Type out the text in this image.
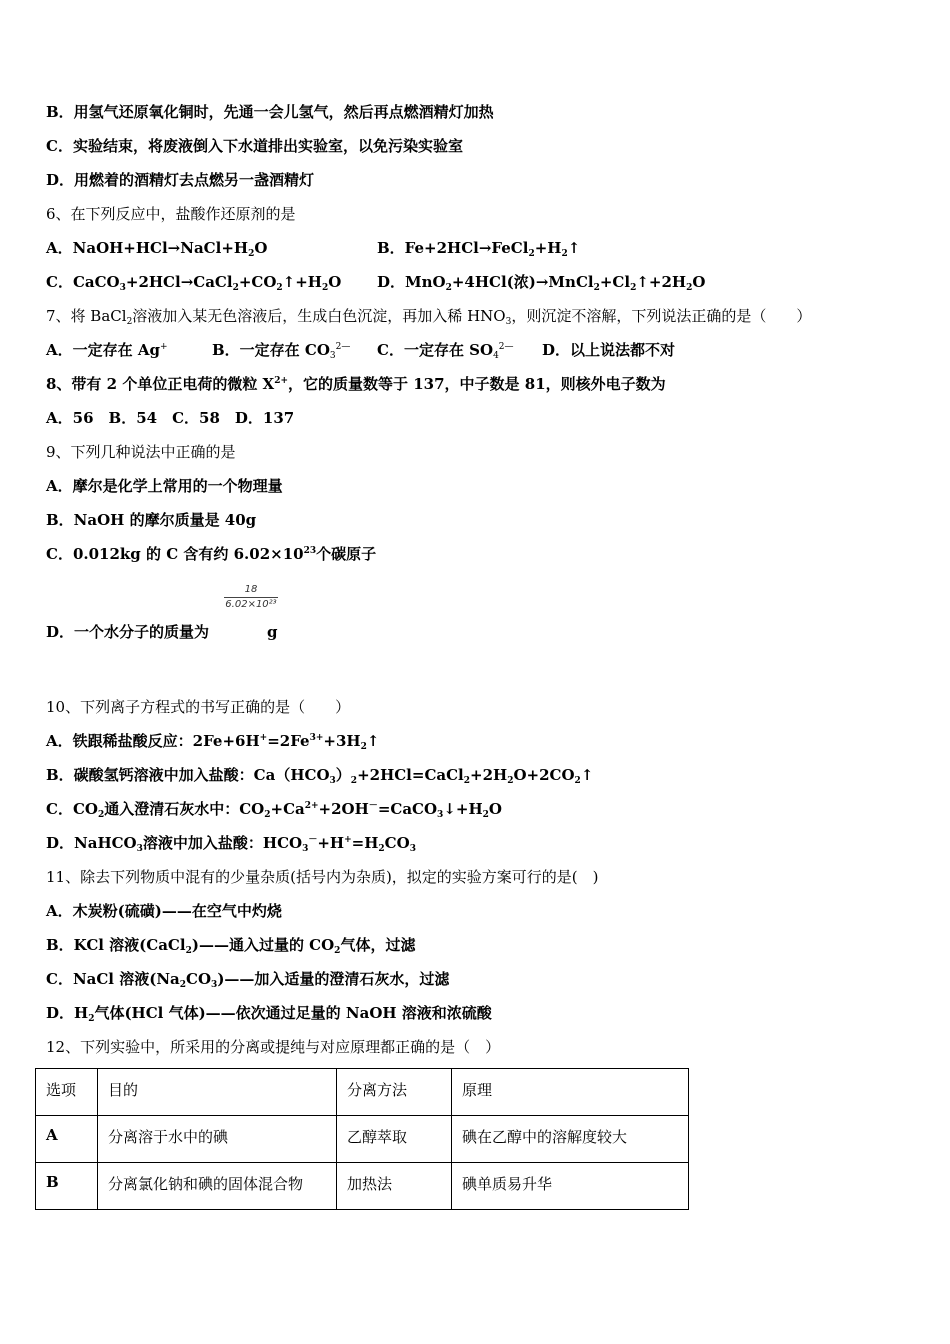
B．用氢气还原氧化铜时，先通一会儿氢气，然后再点燃酒精灯加热
C．实验结束，将废液倒入下水道排出实验室，以免污染实验室
D．用燃着的酒精灯去点燃另一盏酒精灯
6、在下列反应中，盐酸作还原剂的是
A．$NaOH+HCl\to NaCl+H_2O$	B．$Fe+2HCl\to FeCl_2+H_2↑$
C．$CaCO_3+2HCl\to CaCl_2+CO_2↑+H_2O$ D．MnO$_2$+4HCl(浓)$\to MnCl_2+Cl_2↑+2H_2O$
7、将 BaCl$_2$溶液加入某无色溶液后，生成白色沉淀，再加入稀 $HNO_3$，则沉淀不溶解，下列说法正确的是（　　）
A．一定存在 Ag+	B．一定存在 $CO_3^{2—}$ C．一定存在 $SO_4^{2—}$ D．以上说法都不对
8、带有 2 个单位正电荷的微粒 $X^{2+}$，它的质量数等于 137，中子数是 81，则核外电子数为
A．56　B．54　C．58　D．137
9、下列几种说法中正确的是
A．摩尔是化学上常用的一个物理量
B．NaOH 的摩尔质量是 40g
C．0.012kg 的 C 含有约 $6.02\times 10^{23}$个碳原子
18
6.02×10²³
D．一个水分子的质量为	g
10、下列离子方程式的书写正确的是（　　）
A．铁跟稀盐酸反应：$2Fe+6H^+=2Fe^{3+}+3H_2↑$
B．碳酸氢钙溶液中加入盐酸：$Ca(HCO_3)_2+2HCl=CaCl_2+2H_2O+2CO_2↑$
C．$CO_2$通入澄清石灰水中：$CO_2+Ca^{2+}+2OH^-=CaCO_3↓+H_2O$
D．NaHCO$_3$溶液中加入盐酸：$HCO_3^-+H^+=H_2CO_3$
11、除去下列物质中混有的少量杂质(括号内为杂质)，拟定的实验方案可行的是(　)
A．木炭粉(硫磺)——在空气中灼烧
B．KCl 溶液(CaCl$_2$)——通入过量的 $CO_2$气体，过滤
C．NaCl 溶液$(Na_2CO_3)——$加入适量的澄清石灰水，过滤
D．$H_2$气体(HCl 气体)——依次通过足量的 NaOH 溶液和浓硫酸
12、下列实验中，所采用的分离或提纯与对应原理都正确的是（　）
选项	目的	分离方法	原理

A	分离溶于水中的碘	乙醇萃取	碘在乙醇中的溶解度较大

B	分离氯化钠和碘的固体混合物	加热法	碘单质易升华
